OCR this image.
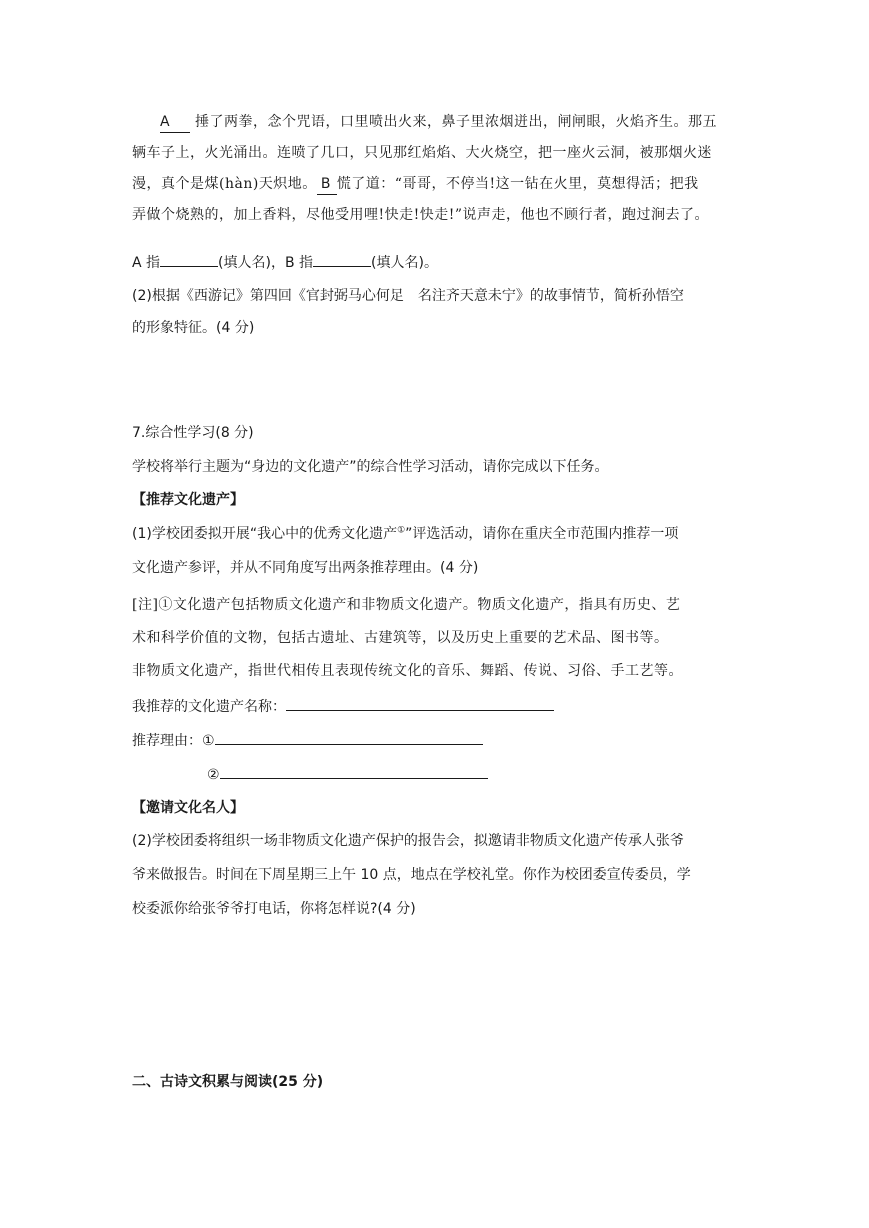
A 捶了两拳，念个咒语，口里喷出火来，鼻子里浓烟迸出，闸闸眼，火焰齐生。那五
辆车子上，火光涌出。连喷了几口，只见那红焰焰、大火烧空，把一座火云洞，被那烟火迷
漫，真个是煤(hàn)天炽地。 B 慌了道：“哥哥，不停当!这一钻在火里，莫想得活；把我
弄做个烧熟的，加上香料，尽他受用哩!快走!快走!”说声走，他也不顾行者，跑过涧去了。
A 指	(填人名)，B 指	(填人名)。
(2)根据《西游记》第四回《官封弼马心何足　名注齐天意未宁》的故事情节，简析孙悟空
的形象特征。(4 分)
7.综合性学习(8 分)
学校将举行主题为“身边的文化遗产”的综合性学习活动，请你完成以下任务。
【推荐文化遗产】
(1)学校团委拟开展“我心中的优秀文化遗产①”评选活动，请你在重庆全市范围内推荐一项
文化遗产参评，并从不同角度写出两条推荐理由。(4 分)
[注]①文化遗产包括物质文化遗产和非物质文化遗产。物质文化遗产，指具有历史、艺
术和科学价值的文物，包括古遗址、古建筑等，以及历史上重要的艺术品、图书等。
非物质文化遗产，指世代相传且表现传统文化的音乐、舞蹈、传说、习俗、手工艺等。
我推荐的文化遗产名称：
推荐理由：①
②
【邀请文化名人】
(2)学校团委将组织一场非物质文化遗产保护的报告会，拟邀请非物质文化遗产传承人张爷
爷来做报告。时间在下周星期三上午 10 点，地点在学校礼堂。你作为校团委宣传委员，学
校委派你给张爷爷打电话，你将怎样说?(4 分)
二、古诗文积累与阅读(25 分)
